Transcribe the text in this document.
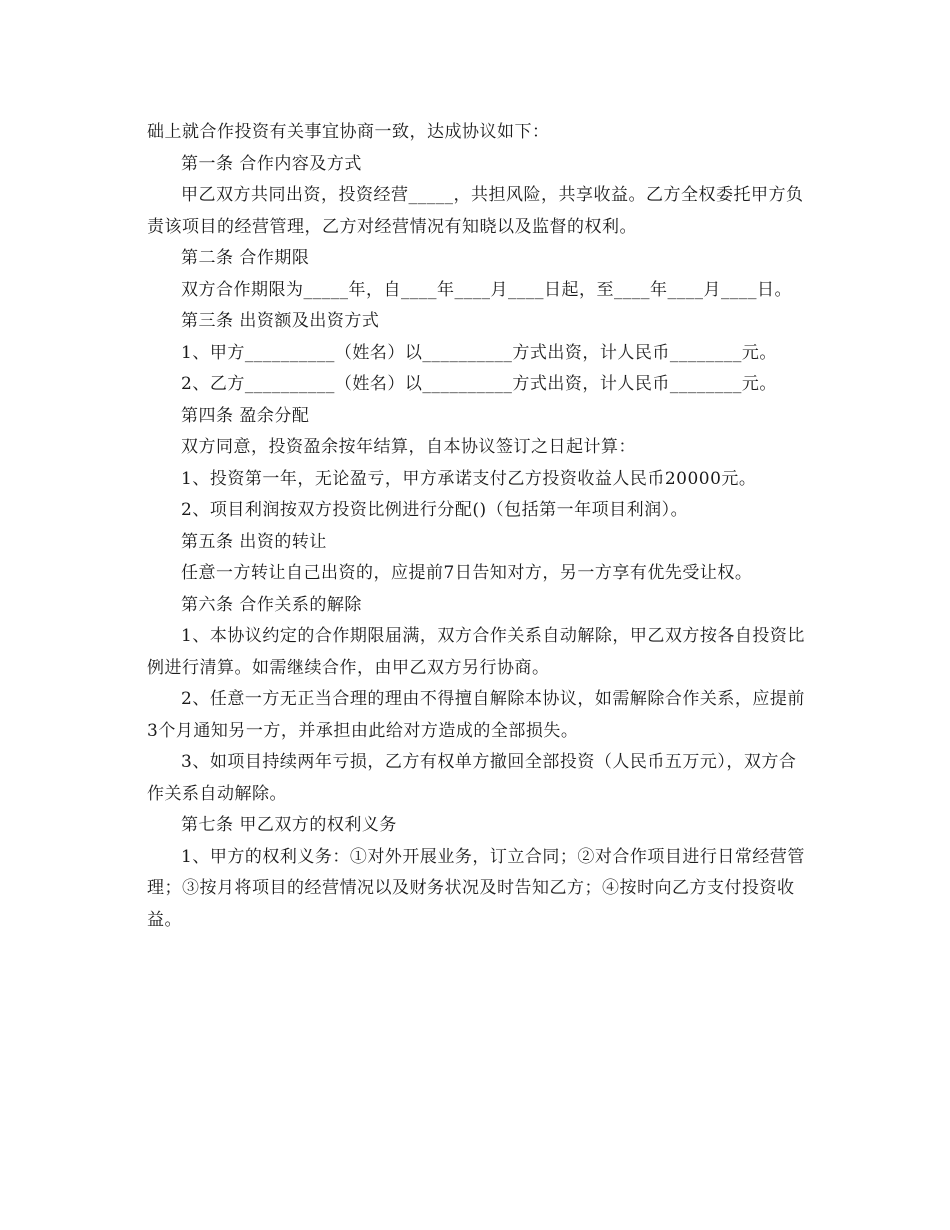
础上就合作投资有关事宜协商一致，达成协议如下：

第一条 合作内容及方式

甲乙双方共同出资，投资经营_____，共担风险，共享收益。乙方全权委托甲方负责该项目的经营管理，乙方对经营情况有知晓以及监督的权利。

第二条 合作期限

双方合作期限为_____年，自____年____月____日起，至____年____月____日。

第三条 出资额及出资方式

1、甲方__________（姓名）以__________方式出资，计人民币________元。

2、乙方__________（姓名）以__________方式出资，计人民币________元。

第四条 盈余分配

双方同意，投资盈余按年结算，自本协议签订之日起计算：

1、投资第一年，无论盈亏，甲方承诺支付乙方投资收益人民币20000元。

2、项目利润按双方投资比例进行分配()（包括第一年项目利润）。

第五条 出资的转让

任意一方转让自己出资的，应提前7日告知对方，另一方享有优先受让权。

第六条 合作关系的解除

1、本协议约定的合作期限届满，双方合作关系自动解除，甲乙双方按各自投资比例进行清算。如需继续合作，由甲乙双方另行协商。

2、任意一方无正当合理的理由不得擅自解除本协议，如需解除合作关系，应提前3个月通知另一方，并承担由此给对方造成的全部损失。

3、如项目持续两年亏损，乙方有权单方撤回全部投资（人民币五万元），双方合作关系自动解除。

第七条 甲乙双方的权利义务

1、甲方的权利义务：①对外开展业务，订立合同；②对合作项目进行日常经营管理；③按月将项目的经营情况以及财务状况及时告知乙方；④按时向乙方支付投资收益。
